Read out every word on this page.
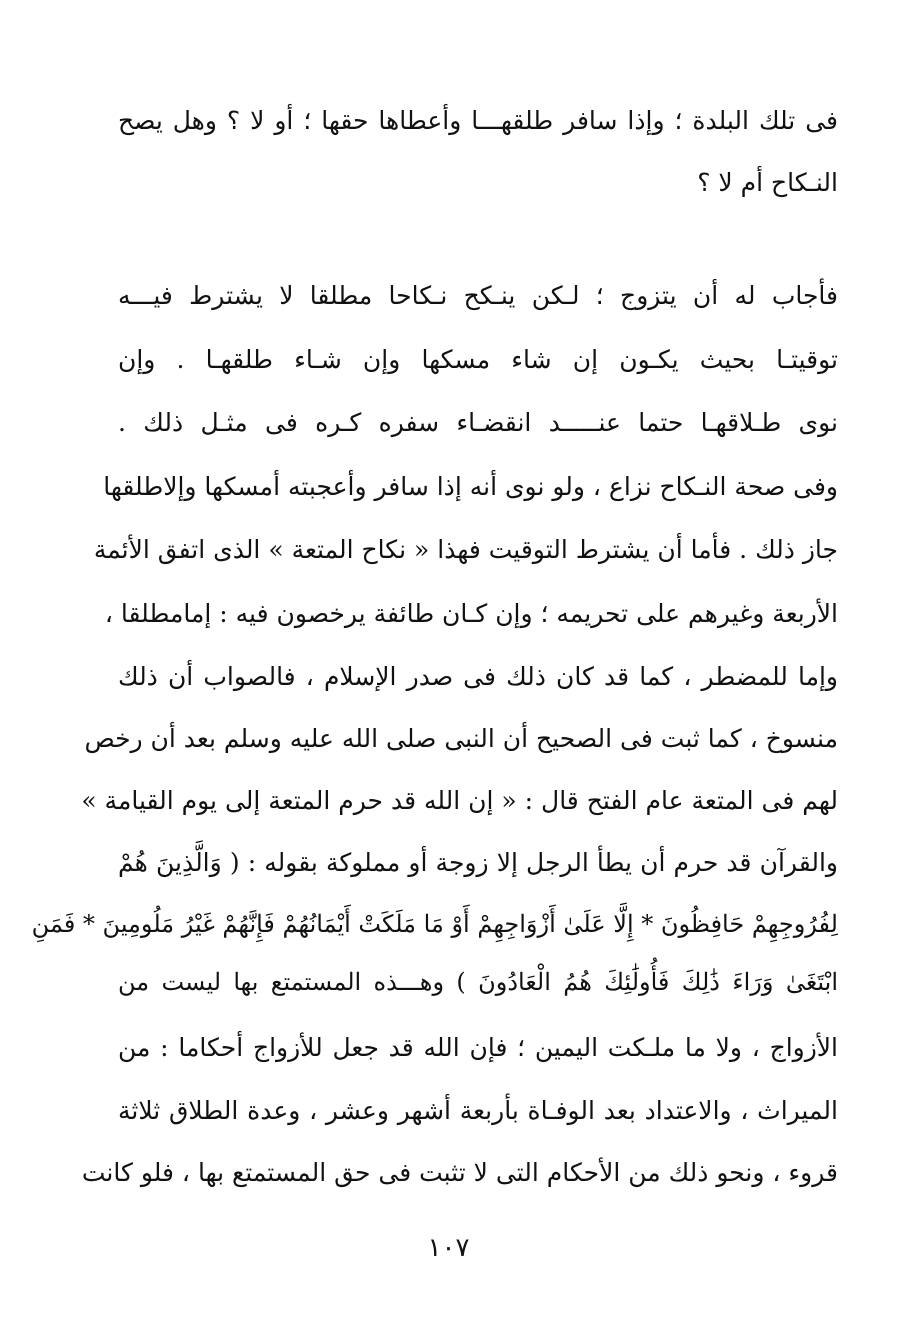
فى تلك البلدة ؛ وإذا سافر طلقهـــا وأعطاها حقها ؛ أو لا ؟ وهل يصح
النـكاح أم لا ؟
فأجاب له أن يتزوج ؛ لـكن ينـكح نـكاحا مطلقا لا يشترط فيـــه
توقيتـا بحيث يكـون إن شاء مسكها وإن شـاء طلقهـا . وإن
نوى طـلاقهـا حتما عنـــــد انقضـاء سفره كـره فى مثـل ذلك .
وفى صحة النـكاح نزاع ، ولو نوى أنه إذا سافر وأعجبته أمسكها وإلاطلقها
جاز ذلك . فأما أن يشترط التوقيت فهذا « نكاح المتعة » الذى اتفق الأئمة
الأربعة وغيرهم على تحريمه ؛ وإن كـان طائفة يرخصون فيه : إمامطلقا ،
وإما للمضطر ، كما قد كان ذلك فى صدر الإسلام ، فالصواب أن ذلك
منسوخ ، كما ثبت فى الصحيح أن النبى صلى الله عليه وسلم بعد أن رخص
لهم فى المتعة عام الفتح قال : « إن الله قد حرم المتعة إلى يوم القيامة »
والقرآن قد حرم أن يطأ الرجل إلا زوجة أو مملوكة بقوله : ( وَالَّذِينَ هُمْ
لِفُرُوجِهِمْ حَافِظُونَ * إِلَّا عَلَىٰ أَزْوَاجِهِمْ أَوْ مَا مَلَكَتْ أَيْمَانُهُمْ فَإِنَّهُمْ غَيْرُ مَلُومِينَ * فَمَنِ
ابْتَغَىٰ وَرَاءَ ذَٰلِكَ فَأُولَٰئِكَ هُمُ الْعَادُونَ ) وهـــذه المستمتع بها ليست من
الأزواج ، ولا ما ملـكت اليمين ؛ فإن الله قد جعل للأزواج أحكاما : من
الميراث ، والاعتداد بعد الوفـاة بأربعة أشهر وعشر ، وعدة الطلاق ثلاثة
قروء ، ونحو ذلك من الأحكام التى لا تثبت فى حق المستمتع بها ، فلو كانت
١٠٧
